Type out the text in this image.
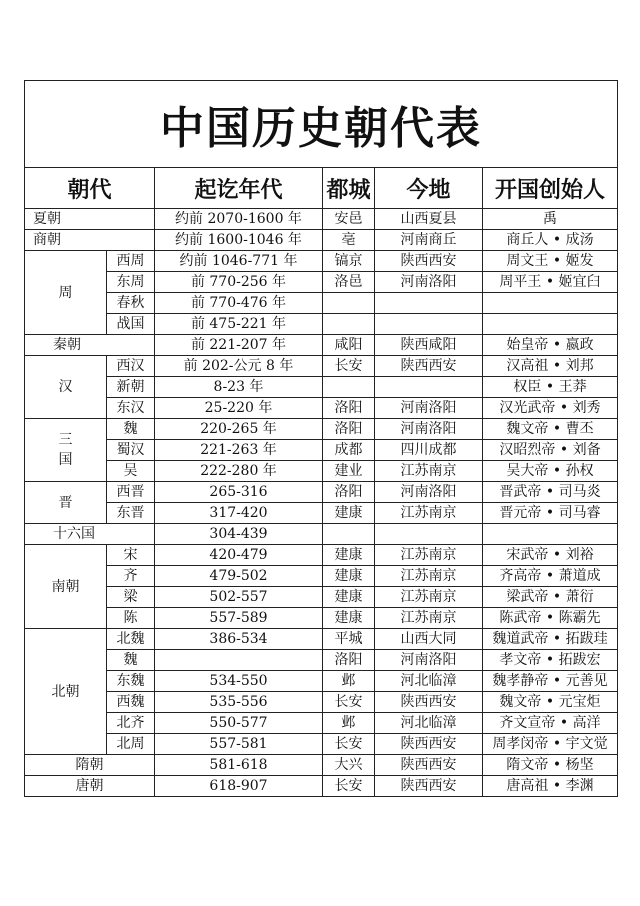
中国历史朝代表					
朝代		起讫年代	都城	今地	开国创始人
夏朝		约前 2070-1600 年	安邑	山西夏县	禹
商朝		约前 1600-1046 年	亳	河南商丘	商丘人 • 成汤
周	西周	约前 1046-771 年	镐京	陕西西安	周文王 • 姬发
	东周	前 770-256 年	洛邑	河南洛阳	周平王 • 姬宜臼
	春秋	前 770-476 年			
	战国	前 475-221 年			
秦朝		前 221-207 年	咸阳	陕西咸阳	始皇帝 • 嬴政
汉	西汉	前 202-公元 8 年	长安	陕西西安	汉高祖 • 刘邦
	新朝	8-23 年			权臣 • 王莽
	东汉	25-220 年	洛阳	河南洛阳	汉光武帝 • 刘秀

三
国	魏	220-265 年	洛阳	河南洛阳	魏文帝 • 曹丕
	蜀汉	221-263 年	成都	四川成都	汉昭烈帝 • 刘备
	吴	222-280 年	建业	江苏南京	吴大帝 • 孙权
晋	西晋	265-316	洛阳	河南洛阳	晋武帝 • 司马炎
	东晋	317-420	建康	江苏南京	晋元帝 • 司马睿
十六国		304-439			
南朝	宋	420-479	建康	江苏南京	宋武帝 • 刘裕
	齐	479-502	建康	江苏南京	齐高帝 • 萧道成
	梁	502-557	建康	江苏南京	梁武帝 • 萧衍
	陈	557-589	建康	江苏南京	陈武帝 • 陈霸先
北朝	北魏	386-534	平城	山西大同	魏道武帝 • 拓跋珪
	魏		洛阳	河南洛阳	孝文帝 • 拓跋宏
	东魏	534-550	邺	河北临漳	魏孝静帝 • 元善见
	西魏	535-556	长安	陕西西安	魏文帝 • 元宝炬
	北齐	550-577	邺	河北临漳	齐文宣帝 • 高洋
	北周	557-581	长安	陕西西安	周孝闵帝 • 宇文觉
隋朝		581-618	大兴	陕西西安	隋文帝 • 杨坚
唐朝		618-907	长安	陕西西安	唐高祖 • 李渊
